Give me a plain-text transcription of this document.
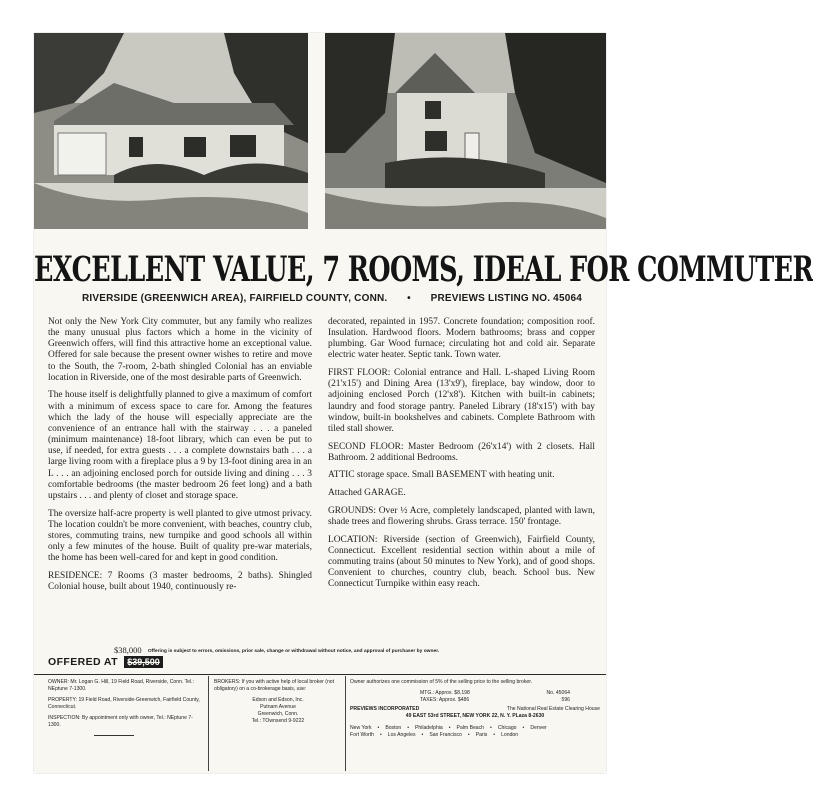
EXCELLENT VALUE, 7 ROOMS, IDEAL FOR COMMUTER
RIVERSIDE (GREENWICH AREA), FAIRFIELD COUNTY, CONN. • PREVIEWS LISTING NO. 45064

Not only the New York City commuter, but any family who realizes the many unusual plus factors which a home in the vicinity of Greenwich offers, will find this attractive home an exceptional value. Offered for sale because the present owner wishes to retire and move to the South, the 7-room, 2-bath shingled Colonial has an enviable location in Riverside, one of the most desirable parts of Greenwich.

The house itself is delightfully planned to give a maximum of comfort with a minimum of excess space to care for. Among the features which the lady of the house will especially appreciate are the convenience of an entrance hall with the stairway . . . a paneled (minimum maintenance) 18-foot library, which can even be put to use, if needed, for extra guests . . . a complete downstairs bath . . . a large living room with a fireplace plus a 9 by 13-foot dining area in an L . . . an adjoining enclosed porch for outside living and dining . . . 3 comfortable bedrooms (the master bedroom 26 feet long) and a bath upstairs . . . and plenty of closet and storage space.

The oversize half-acre property is well planted to give utmost privacy. The location couldn't be more convenient, with beaches, country club, stores, commuting trains, new turnpike and good schools all within only a few minutes of the house. Built of quality pre-war materials, the home has been well-cared for and kept in good condition.

RESIDENCE: 7 Rooms (3 master bedrooms, 2 baths). Shingled Colonial house, built about 1940, continuously re-

decorated, repainted in 1957. Concrete foundation; composition roof. Insulation. Hardwood floors. Modern bathrooms; brass and copper plumbing. Gar Wood furnace; circulating hot and cold air. Separate electric water heater. Septic tank. Town water.

FIRST FLOOR: Colonial entrance and Hall. L-shaped Living Room (21'x15') and Dining Area (13'x9'), fireplace, bay window, door to adjoining enclosed Porch (12'x8'). Kitchen with built-in cabinets; laundry and food storage pantry. Paneled Library (18'x15') with bay window, built-in bookshelves and cabinets. Complete Bathroom with tiled stall shower.

SECOND FLOOR: Master Bedroom (26'x14') with 2 closets. Hall Bathroom. 2 additional Bedrooms.

ATTIC storage space. Small BASEMENT with heating unit.

Attached GARAGE.

GROUNDS: Over ½ Acre, completely landscaped, planted with lawn, shade trees and flowering shrubs. Grass terrace. 150' frontage.

LOCATION: Riverside (section of Greenwich), Fairfield County, Connecticut. Excellent residential section within about a mile of commuting trains (about 50 minutes to New York), and of good shops. Convenient to churches, country club, beach. School bus. New Connecticut Turnpike within easy reach.

$38,000 Offering is subject to errors, omissions, prior sale, change or withdrawal without notice, and approval of purchaser by owner.
OFFERED AT $39,500

OWNER: Mr. Logan G. Hill, 19 Field Road, Riverside, Conn. Tel.: NEptune 7-1300.

PROPERTY: 19 Field Road, Riverside-Greenwich, Fairfield County, Connecticut.

INSPECTION: By appointment only with owner, Tel.: NEptune 7-1300.

BROKERS: If you with active help of local broker (not obligatory) on a co-brokerage basis, use:

Edson and Edson, Inc.
Putnam Avenue
Greenwich, Conn.
Tel.: TOwnsend 9-9222

Owner authorizes one commission of 5% of the selling price to the selling broker.

MTG.: Approx. $8,198	No. 45064
TAXES: Approx. $486	596
PREVIEWS INCORPORATED	The National Real Estate Clearing House
49 EAST 53rd STREET, NEW YORK 22, N. Y. PLaza 8-2630
New York	• Boston	• Philadelphia	• Palm Beach	• Chicago	• Denver
Fort Worth	• Los Angeles	• San Francisco	• Paris	• London
